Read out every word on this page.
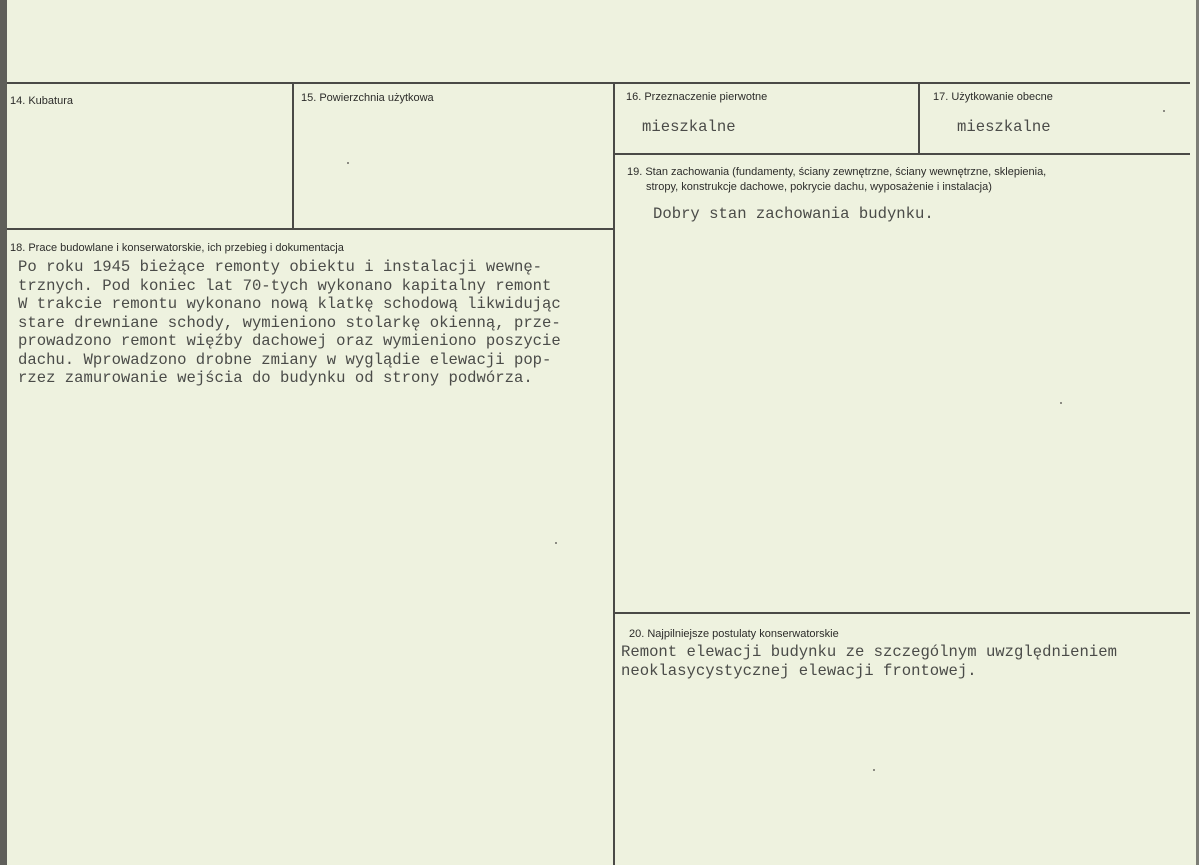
14. Kubatura	15. Powierzchnia użytkowa	16. Przeznaczenie pierwotne
mieszkalne
17. Użytkowanie obecne
mieszkalne
18. Prace budowlane i konserwatorskie, ich przebieg i dokumentacja
Po roku 1945 bieżące remonty obiektu i instalacji wewnę-
trznych. Pod koniec lat 70-tych wykonano kapitalny remont
W trakcie remontu wykonano nową klatkę schodową likwidując
stare drewniane schody, wymieniono stolarkę okienną, prze-
prowadzono remont więźby dachowej oraz wymieniono poszycie
dachu. Wprowadzono drobne zmiany w wyglądie elewacji pop-
rzez zamurowanie wejścia do budynku od strony podwórza.
19. Stan zachowania (fundamenty, ściany zewnętrzne, ściany wewnętrzne, sklepienia,
stropy, konstrukcje dachowe, pokrycie dachu, wyposażenie i instalacja)
Dobry stan zachowania budynku.
20. Najpilniejsze postulaty konserwatorskie
Remont elewacji budynku ze szczególnym uwzględnieniem
neoklasycystycznej elewacji frontowej.
